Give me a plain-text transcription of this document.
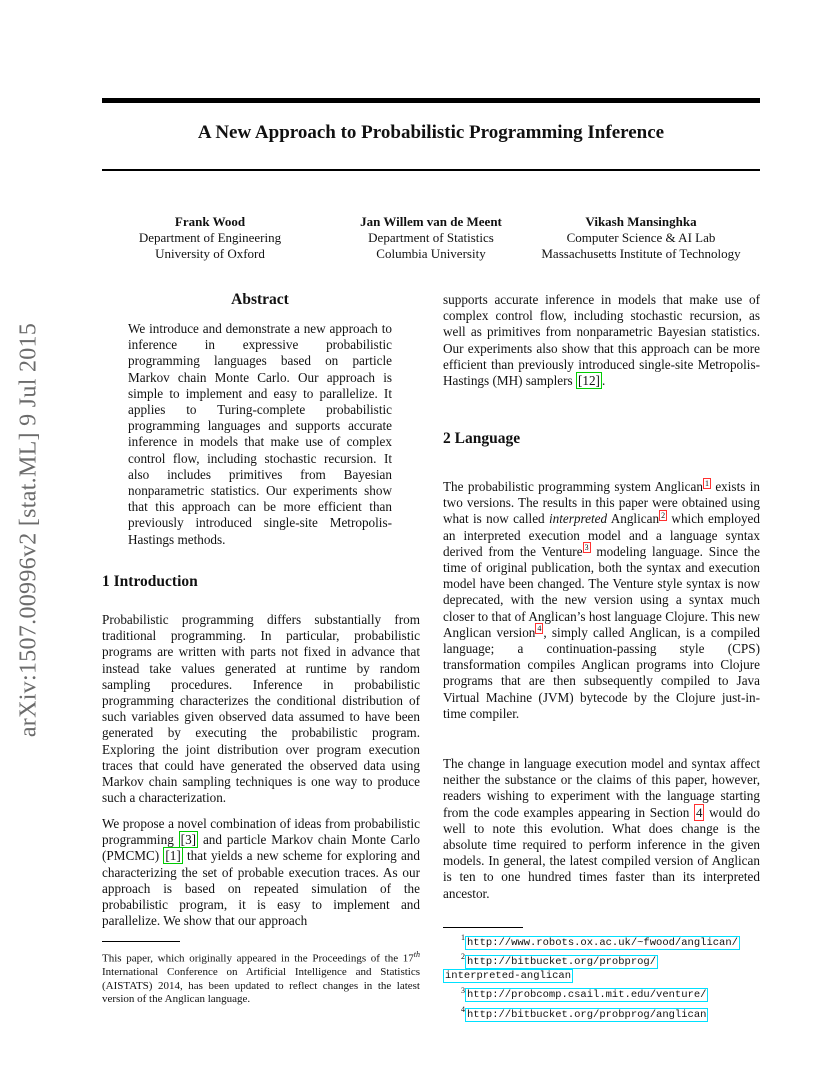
arXiv:1507.00996v2 [stat.ML] 9 Jul 2015
A New Approach to Probabilistic Programming Inference
Frank Wood
Department of Engineering
University of Oxford
Jan Willem van de Meent
Department of Statistics
Columbia University
Vikash Mansinghka
Computer Science & AI Lab
Massachusetts Institute of Technology
Abstract
We introduce and demonstrate a new approach to inference in expressive probabilistic programming languages based on particle Markov chain Monte Carlo. Our approach is simple to implement and easy to parallelize. It applies to Turing-complete probabilistic programming languages and supports accurate inference in models that make use of complex control flow, including stochastic recursion. It also includes primitives from Bayesian nonparametric statistics. Our experiments show that this approach can be more efficient than previously introduced single-site Metropolis-Hastings methods.
1 Introduction
Probabilistic programming differs substantially from traditional programming. In particular, probabilistic programs are written with parts not fixed in advance that instead take values generated at runtime by random sampling procedures. Inference in probabilistic programming characterizes the conditional distribution of such variables given observed data assumed to have been generated by executing the probabilistic program. Exploring the joint distribution over program execution traces that could have generated the observed data using Markov chain sampling techniques is one way to produce such a characterization.
We propose a novel combination of ideas from probabilistic programming [3] and particle Markov chain Monte Carlo (PMCMC) [1] that yields a new scheme for exploring and characterizing the set of probable execution traces. As our approach is based on repeated simulation of the probabilistic program, it is easy to implement and parallelize. We show that our approach
This paper, which originally appeared in the Proceedings of the 17th International Conference on Artificial Intelligence and Statistics (AISTATS) 2014, has been updated to reflect changes in the latest version of the Anglican language.
supports accurate inference in models that make use of complex control flow, including stochastic recursion, as well as primitives from nonparametric Bayesian statistics. Our experiments also show that this approach can be more efficient than previously introduced single-site Metropolis-Hastings (MH) samplers [12] .
2 Language
The probabilistic programming system Anglican $^1$ exists in two versions. The results in this paper were obtained using what is now called interpreted Anglican $^2$ which employed an interpreted execution model and a language syntax derived from the Venture $^3$ modeling language. Since the time of original publication, both the syntax and execution model have been changed. The Venture style syntax is now deprecated, with the new version using a syntax much closer to that of Anglican’s host language Clojure. This new Anglican version $^4$ , simply called Anglican, is a compiled language; a continuation-passing style (CPS) transformation compiles Anglican programs into Clojure programs that are then subsequently compiled to Java Virtual Machine (JVM) bytecode by the Clojure just-in-time compiler.
The change in language execution model and syntax affect neither the substance or the claims of this paper, however, readers wishing to experiment with the language starting from the code examples appearing in Section 4 would do well to note this evolution. What does change is the absolute time required to perform inference in the given models. In general, the latest compiled version of Anglican is ten to one hundred times faster than its interpreted ancestor.
$^1$ http://www.robots.ox.ac.uk/~fwood/anglican/
$^2$ http://bitbucket.org/probprog/
interpreted-anglican
$^3$ http://probcomp.csail.mit.edu/venture/
$^4$ http://bitbucket.org/probprog/anglican
